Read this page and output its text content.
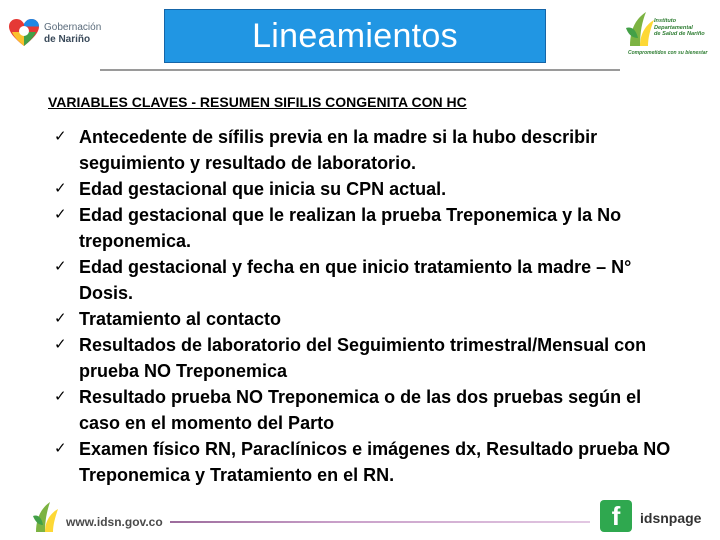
Gobernación
de Nariño	Lineamientos	Instituto
Departamental
de Salud de Nariño
Comprometidos con su bienestar
VARIABLES CLAVES - RESUMEN SIFILIS CONGENITA CON HC
✓ Antecedente de sífilis previa en la madre si la hubo describir seguimiento y resultado de laboratorio.
✓ Edad gestacional que inicia su CPN actual.
✓ Edad gestacional que le realizan la prueba Treponemica y la No treponemica.
✓ Edad gestacional y fecha en que inicio tratamiento la madre – N° Dosis.
✓ Tratamiento al contacto
✓ Resultados de laboratorio del Seguimiento trimestral/Mensual con prueba NO Treponemica
✓ Resultado prueba NO Treponemica o de las dos pruebas según el caso en el momento del Parto
✓ Examen físico RN, Paraclínicos e imágenes dx, Resultado prueba NO Treponemica y Tratamiento en el RN.
www.idsn.gov.co	f	idsnpage
